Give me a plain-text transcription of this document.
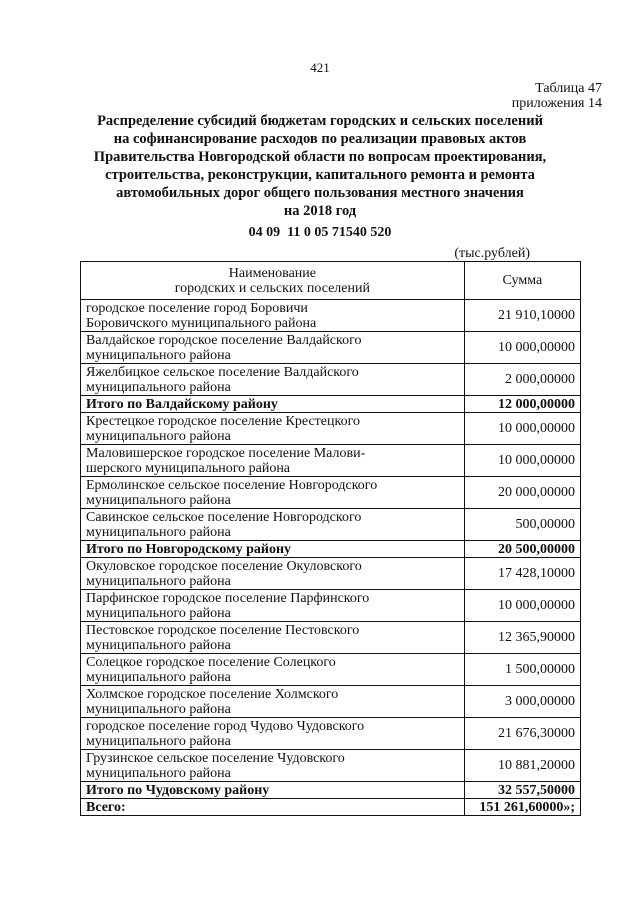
421
Таблица 47
приложения 14
Распределение субсидий бюджетам городских и сельских поселений
на софинансирование расходов по реализации правовых актов
Правительства Новгородской области по вопросам проектирования,
строительства, реконструкции, капитального ремонта и ремонта
автомобильных дорог общего пользования местного значения
на 2018 год
04 09  11 0 05 71540 520
(тыс.рублей)
Наименование
городских и сельских поселений	Сумма

городское поселение город Боровичи
Боровичского муниципального района	21 910,10000

Валдайское городское поселение Валдайского
муниципального района	10 000,00000

Яжелбицкое сельское поселение Валдайского
муниципального района	2 000,00000
Итого по Валдайскому району	12 000,00000

Крестецкое городское поселение Крестецкого
муниципального района	10 000,00000

Маловишерское городское поселение Малови-
шерского муниципального района	10 000,00000

Ермолинское сельское поселение Новгородского
муниципального района	20 000,00000

Савинское сельское поселение Новгородского
муниципального района	500,00000
Итого по Новгородскому району	20 500,00000

Окуловское городское поселение Окуловского
муниципального района	17 428,10000

Парфинское городское поселение Парфинского
муниципального района	10 000,00000

Пестовское городское поселение Пестовского
муниципального района	12 365,90000

Солецкое городское поселение Солецкого
муниципального района	1 500,00000

Холмское городское поселение Холмского
муниципального района	3 000,00000

городское поселение город Чудово Чудовского
муниципального района	21 676,30000

Грузинское сельское поселение Чудовского
муниципального района	10 881,20000
Итого по Чудовскому району	32 557,50000
Всего:	151 261,60000»;
